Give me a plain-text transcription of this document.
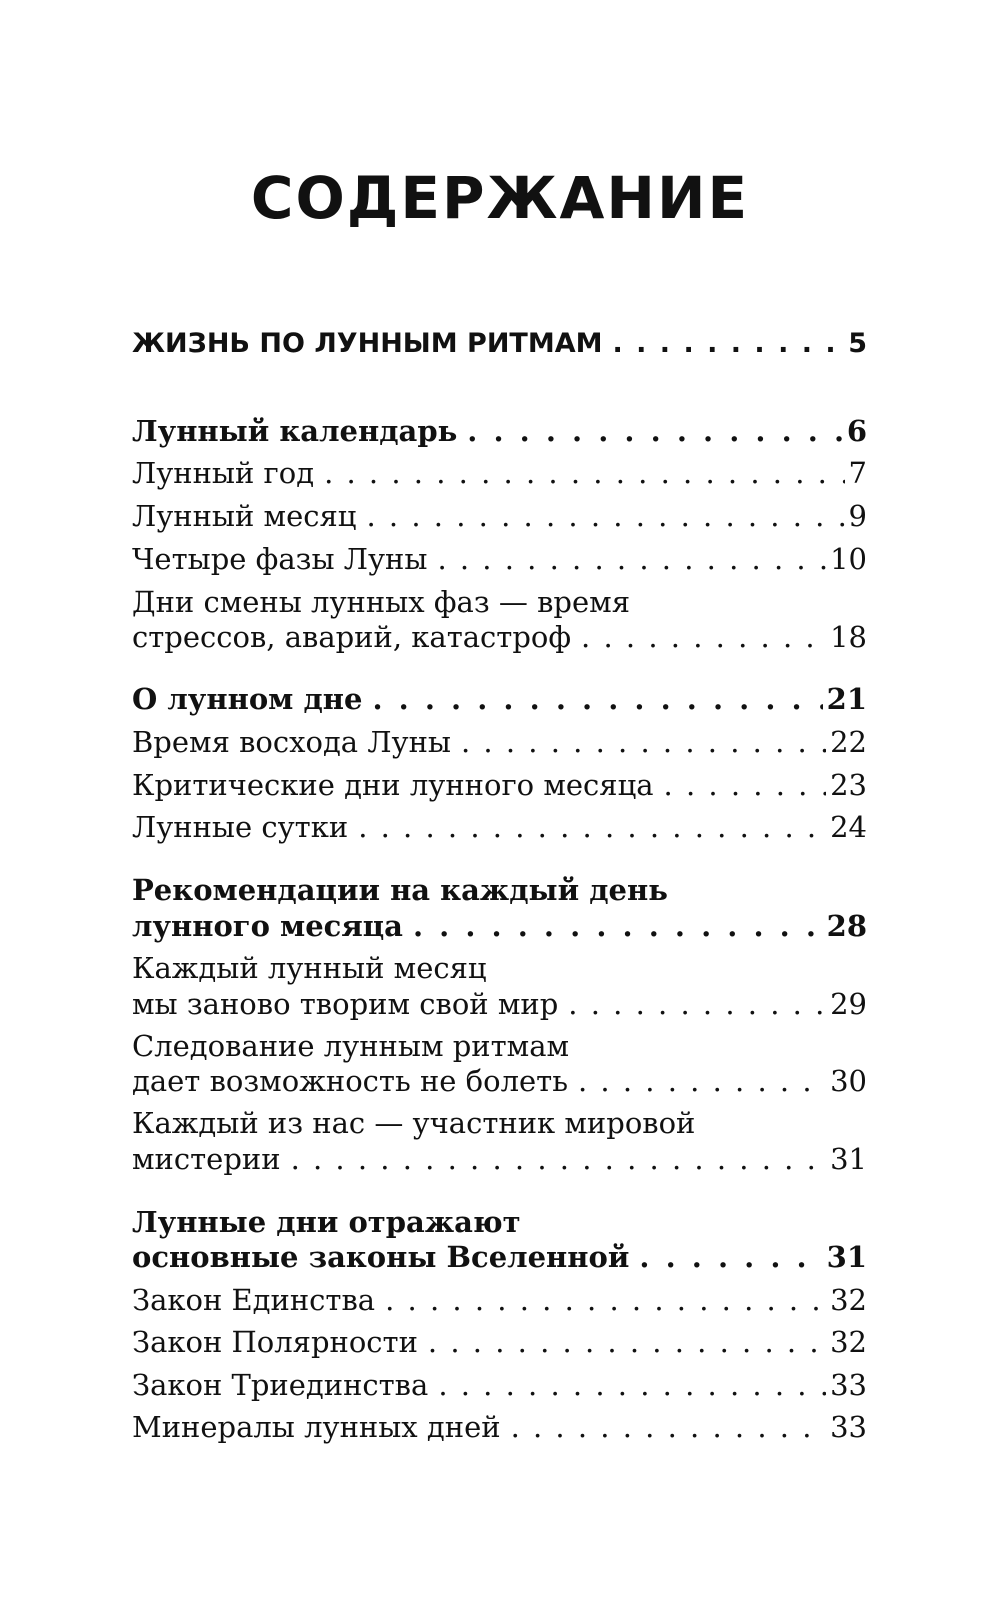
СОДЕРЖАНИЕ
ЖИЗНЬ ПО ЛУННЫМ РИТМАМ . . .	5
Лунный календарь . . .	6
Лунный год . . .	7
Лунный месяц . . .	9
Четыре фазы Луны . . .	10
Дни смены лунных фаз — время
стрессов, аварий, катастроф . . .	18
О лунном дне . . .	21
Время восхода Луны . . .	22
Критические дни лунного месяца . . .	23
Лунные сутки . . .	24
Рекомендации на каждый день
лунного месяца . . .	28
Каждый лунный месяц
мы заново творим свой мир . . .	29
Следование лунным ритмам
дает возможность не болеть . . .	30
Каждый из нас — участник мировой
мистерии . . .	31
Лунные дни отражают
основные законы Вселенной . . .	31
Закон Единства . . .	32
Закон Полярности . . .	32
Закон Триединства . . .	33
Минералы лунных дней . . .	33
